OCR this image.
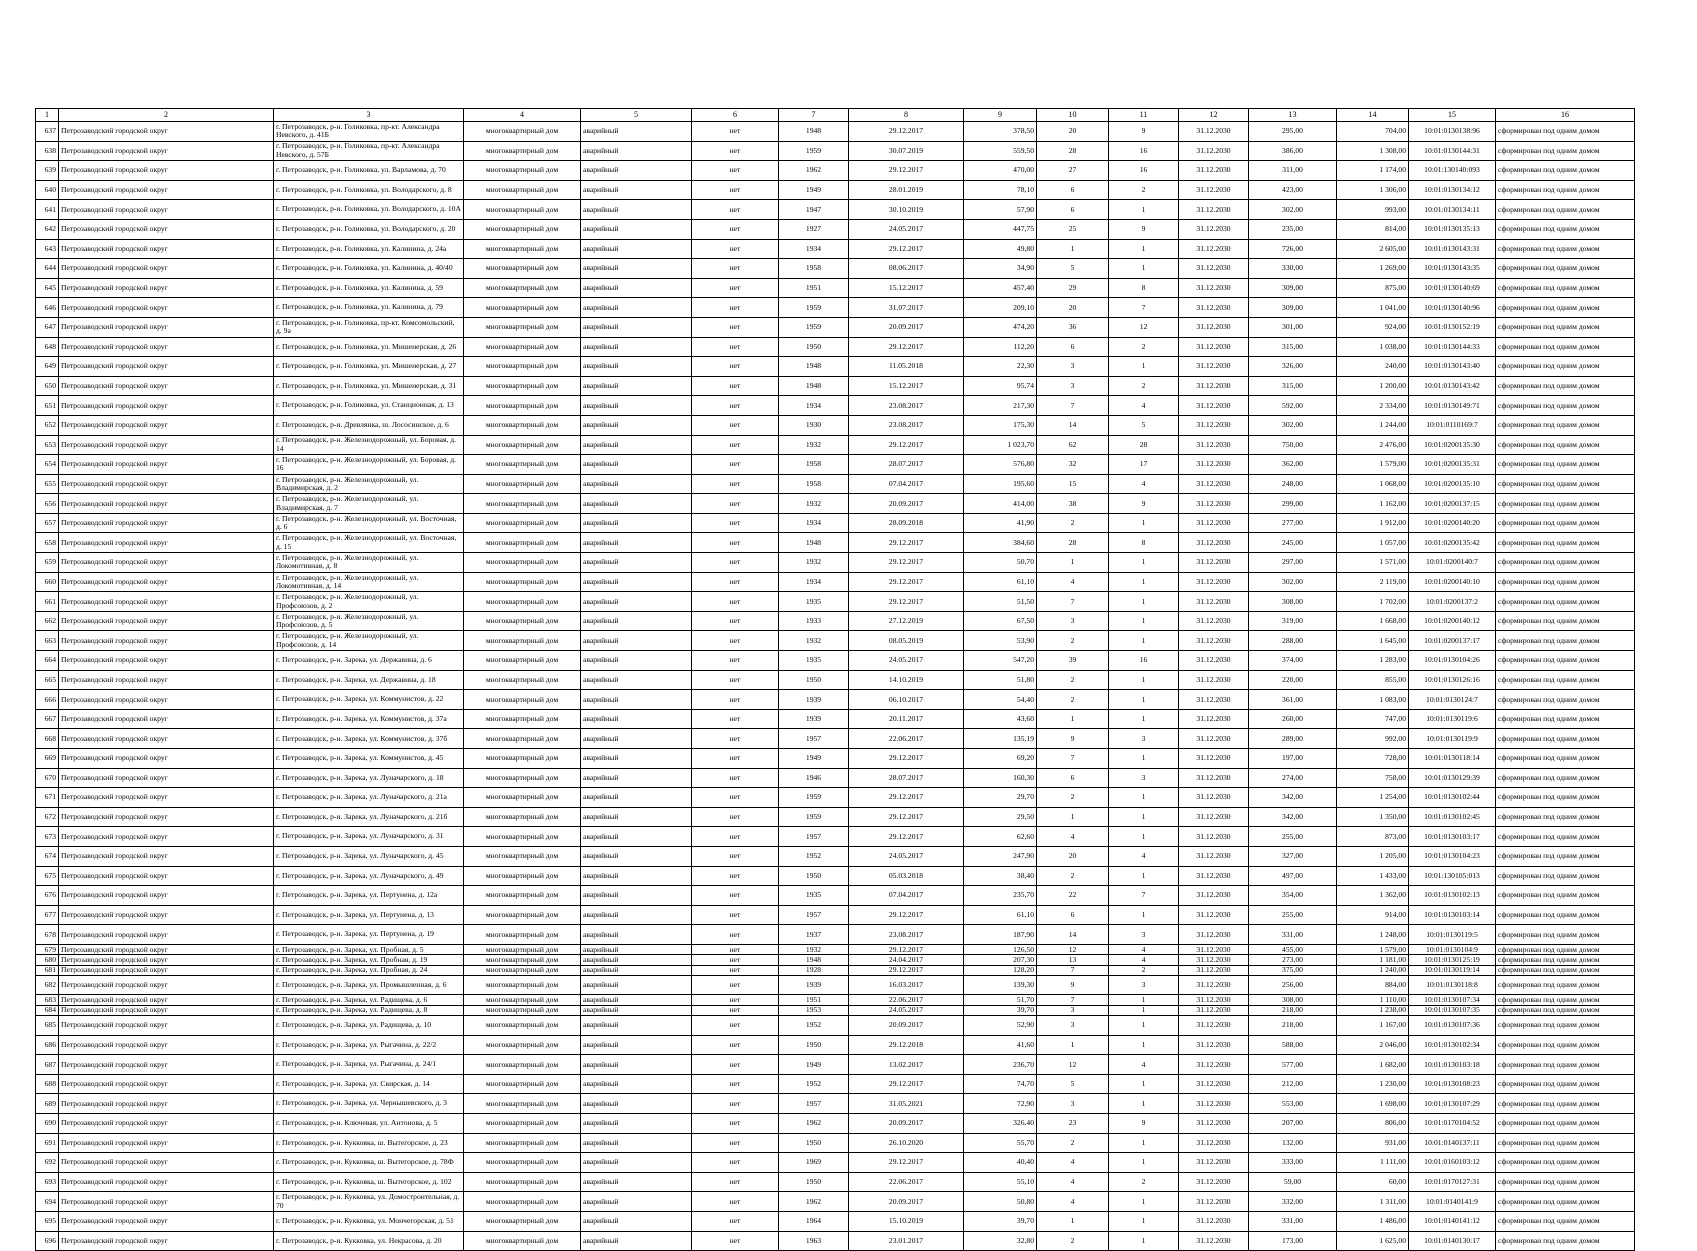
1	2	3	4	5	6	7	8	9	10	11	12	13	14	15	16
637	Петрозаводский городской округ	г. Петрозаводск, р-н. Голиковка, пр-кт. Александра Невского, д. 41Б	многоквартирный дом	аварийный	нет	1948	29.12.2017	378,50	20	9	31.12.2030	295,00	704,00	10:01:0130138:96	сформирован под одним домом
638	Петрозаводский городской округ	г. Петрозаводск, р-н. Голиковка, пр-кт. Александра Невского, д. 57Б	многоквартирный дом	аварийный	нет	1959	30.07.2019	559,50	28	16	31.12.2030	386,00	1 308,00	10:01:0130144:31	сформирован под одним домом
639	Петрозаводский городской округ	г. Петрозаводск, р-н. Голиковка, ул. Варламова, д. 70	многоквартирный дом	аварийный	нет	1962	29.12.2017	470,00	27	16	31.12.2030	311,00	1 174,00	10:01:130140:093	сформирован под одним домом
640	Петрозаводский городской округ	г. Петрозаводск, р-н. Голиковка, ул. Володарского, д. 8	многоквартирный дом	аварийный	нет	1949	28.01.2019	78,10	6	2	31.12.2030	423,00	1 306,00	10:01:0130134:12	сформирован под одним домом
641	Петрозаводский городской округ	г. Петрозаводск, р-н. Голиковка, ул. Володарского, д. 10А	многоквартирный дом	аварийный	нет	1947	30.10.2019	57,90	6	1	31.12.2030	302,00	993,00	10:01:0130134:11	сформирован под одним домом
642	Петрозаводский городской округ	г. Петрозаводск, р-н. Голиковка, ул. Володарского, д. 20	многоквартирный дом	аварийный	нет	1927	24.05.2017	447,75	25	9	31.12.2030	235,00	814,00	10:01:0130135:13	сформирован под одним домом
643	Петрозаводский городской округ	г. Петрозаводск, р-н. Голиковка, ул. Калинина, д. 24а	многоквартирный дом	аварийный	нет	1934	29.12.2017	49,80	1	1	31.12.2030	726,00	2 605,00	10:01:0130143:31	сформирован под одним домом
644	Петрозаводский городской округ	г. Петрозаводск, р-н. Голиковка, ул. Калинина, д. 40/40	многоквартирный дом	аварийный	нет	1958	08.06.2017	34,90	5	1	31.12.2030	330,00	1 269,00	10:01:0130143:35	сформирован под одним домом
645	Петрозаводский городской округ	г. Петрозаводск, р-н. Голиковка, ул. Калинина, д. 59	многоквартирный дом	аварийный	нет	1951	15.12.2017	457,40	29	8	31.12.2030	309,00	875,00	10:01:0130140:69	сформирован под одним домом
646	Петрозаводский городской округ	г. Петрозаводск, р-н. Голиковка, ул. Калинина, д. 79	многоквартирный дом	аварийный	нет	1959	31.07.2017	209,10	20	7	31.12.2030	309,00	1 041,00	10:01:0130140:96	сформирован под одним домом
647	Петрозаводский городской округ	г. Петрозаводск, р-н. Голиковка, пр-кт. Комсомольский, д. 9а	многоквартирный дом	аварийный	нет	1959	20.09.2017	474,20	36	12	31.12.2030	301,00	924,00	10:01:0130152:19	сформирован под одним домом
648	Петрозаводский городской округ	г. Петрозаводск, р-н. Голиковка, ул. Мишенерская, д. 26	многоквартирный дом	аварийный	нет	1950	29.12.2017	112,20	6	2	31.12.2030	315,00	1 038,00	10:01:0130144:33	сформирован под одним домом
649	Петрозаводский городской округ	г. Петрозаводск, р-н. Голиковка, ул. Мишенерская, д. 27	многоквартирный дом	аварийный	нет	1948	11.05.2018	22,30	3	1	31.12.2030	326,00	240,00	10:01:0130143:40	сформирован под одним домом
650	Петрозаводский городской округ	г. Петрозаводск, р-н. Голиковка, ул. Мишенерская, д. 31	многоквартирный дом	аварийный	нет	1948	15.12.2017	95,74	3	2	31.12.2030	315,00	1 200,00	10:01:0130143:42	сформирован под одним домом
651	Петрозаводский городской округ	г. Петрозаводск, р-н. Голиковка, ул. Станционная, д. 13	многоквартирный дом	аварийный	нет	1934	23.08.2017	217,30	7	4	31.12.2030	592,00	2 334,00	10:01:0130149:71	сформирован под одним домом
652	Петрозаводский городской округ	г. Петрозаводск, р-н. Древлянка, ш. Лососинское, д. 6	многоквартирный дом	аварийный	нет	1930	23.08.2017	175,30	14	5	31.12.2030	302,00	1 244,00	10:01:0110169:7	сформирован под одним домом
653	Петрозаводский городской округ	г. Петрозаводск, р-н. Железнодорожный, ул. Боровая, д. 14	многоквартирный дом	аварийный	нет	1932	29.12.2017	1 023,70	62	28	31.12.2030	750,00	2 476,00	10:01:0200135:30	сформирован под одним домом
654	Петрозаводский городской округ	г. Петрозаводск, р-н. Железнодорожный, ул. Боровая, д. 16	многоквартирный дом	аварийный	нет	1958	28.07.2017	576,80	32	17	31.12.2030	362,00	1 579,00	10:01:0200135:31	сформирован под одним домом
655	Петрозаводский городской округ	г. Петрозаводск, р-н. Железнодорожный, ул. Владимирская, д. 2	многоквартирный дом	аварийный	нет	1958	07.04.2017	195,60	15	4	31.12.2030	248,00	1 068,00	10:01:0200135:10	сформирован под одним домом
656	Петрозаводский городской округ	г. Петрозаводск, р-н. Железнодорожный, ул. Владимирская, д. 7	многоквартирный дом	аварийный	нет	1932	20.09.2017	414,00	38	9	31.12.2030	299,00	1 162,00	10:01:0200137:15	сформирован под одним домом
657	Петрозаводский городской округ	г. Петрозаводск, р-н. Железнодорожный, ул. Восточная, д. 6	многоквартирный дом	аварийный	нет	1934	28.09.2018	41,90	2	1	31.12.2030	277,00	1 912,00	10:01:0200140:20	сформирован под одним домом
658	Петрозаводский городской округ	г. Петрозаводск, р-н. Железнодорожный, ул. Восточная, д. 15	многоквартирный дом	аварийный	нет	1948	29.12.2017	384,60	28	8	31.12.2030	245,00	1 057,00	10:01:0200135:42	сформирован под одним домом
659	Петрозаводский городской округ	г. Петрозаводск, р-н. Железнодорожный, ул. Локомотивная, д. 8	многоквартирный дом	аварийный	нет	1932	29.12.2017	50,70	1	1	31.12.2030	297,00	1 571,00	10:01:0200140:7	сформирован под одним домом
660	Петрозаводский городской округ	г. Петрозаводск, р-н. Железнодорожный, ул. Локомотивная, д. 14	многоквартирный дом	аварийный	нет	1934	29.12.2017	61,10	4	1	31.12.2030	302,00	2 119,00	10:01:0200140:10	сформирован под одним домом
661	Петрозаводский городской округ	г. Петрозаводск, р-н. Железнодорожный, ул. Профсоюзов, д. 2	многоквартирный дом	аварийный	нет	1935	29.12.2017	51,50	7	1	31.12.2030	308,00	1 702,00	10:01:0200137:2	сформирован под одним домом
662	Петрозаводский городской округ	г. Петрозаводск, р-н. Железнодорожный, ул. Профсоюзов, д. 5	многоквартирный дом	аварийный	нет	1933	27.12.2019	67,50	3	1	31.12.2030	319,00	1 668,00	10:01:0200140:12	сформирован под одним домом
663	Петрозаводский городской округ	г. Петрозаводск, р-н. Железнодорожный, ул. Профсоюзов, д. 14	многоквартирный дом	аварийный	нет	1932	08.05.2019	53,90	2	1	31.12.2030	288,00	1 645,00	10:01:0200137:17	сформирован под одним домом
664	Петрозаводский городской округ	г. Петрозаводск, р-н. Зарека, ул. Державина, д. 6	многоквартирный дом	аварийный	нет	1935	24.05.2017	547,20	39	16	31.12.2030	374,00	1 283,00	10:01:0130104:26	сформирован под одним домом
665	Петрозаводский городской округ	г. Петрозаводск, р-н. Зарека, ул. Державина, д. 18	многоквартирный дом	аварийный	нет	1950	14.10.2019	51,80	2	1	31.12.2030	220,00	855,00	10:01:0130126:16	сформирован под одним домом
666	Петрозаводский городской округ	г. Петрозаводск, р-н. Зарека, ул. Коммунистов, д. 22	многоквартирный дом	аварийный	нет	1939	06.10.2017	54,40	2	1	31.12.2030	361,00	1 083,00	10:01:0130124:7	сформирован под одним домом
667	Петрозаводский городской округ	г. Петрозаводск, р-н. Зарека, ул. Коммунистов, д. 37а	многоквартирный дом	аварийный	нет	1939	20.11.2017	43,60	1	1	31.12.2030	260,00	747,00	10:01:0130119:6	сформирован под одним домом
668	Петрозаводский городской округ	г. Петрозаводск, р-н. Зарека, ул. Коммунистов, д. 37б	многоквартирный дом	аварийный	нет	1957	22.06.2017	135,19	9	3	31.12.2030	289,00	992,00	10:01:0130119:9	сформирован под одним домом
669	Петрозаводский городской округ	г. Петрозаводск, р-н. Зарека, ул. Коммунистов, д. 45	многоквартирный дом	аварийный	нет	1949	29.12.2017	69,20	7	1	31.12.2030	197,00	728,00	10:01:0130118:14	сформирован под одним домом
670	Петрозаводский городской округ	г. Петрозаводск, р-н. Зарека, ул. Луначарского, д. 18	многоквартирный дом	аварийный	нет	1946	28.07.2017	160,30	6	3	31.12.2030	274,00	758,00	10:01:0130129:39	сформирован под одним домом
671	Петрозаводский городской округ	г. Петрозаводск, р-н. Зарека, ул. Луначарского, д. 21а	многоквартирный дом	аварийный	нет	1959	29.12.2017	29,70	2	1	31.12.2030	342,00	1 254,00	10:01:0130102:44	сформирован под одним домом
672	Петрозаводский городской округ	г. Петрозаводск, р-н. Зарека, ул. Луначарского, д. 21б	многоквартирный дом	аварийный	нет	1959	29.12.2017	29,50	1	1	31.12.2030	342,00	1 350,00	10:01:0130102:45	сформирован под одним домом
673	Петрозаводский городской округ	г. Петрозаводск, р-н. Зарека, ул. Луначарского, д. 31	многоквартирный дом	аварийный	нет	1957	29.12.2017	62,60	4	1	31.12.2030	255,00	873,00	10:01:0130103:17	сформирован под одним домом
674	Петрозаводский городской округ	г. Петрозаводск, р-н. Зарека, ул. Луначарского, д. 45	многоквартирный дом	аварийный	нет	1952	24.05.2017	247,90	20	4	31.12.2030	327,00	1 205,00	10:01:0130104:23	сформирован под одним домом
675	Петрозаводский городской округ	г. Петрозаводск, р-н. Зарека, ул. Луначарского, д. 49	многоквартирный дом	аварийный	нет	1950	05.03.2018	38,40	2	1	31.12.2030	497,00	1 433,00	10:01:130105:013	сформирован под одним домом
676	Петрозаводский городской округ	г. Петрозаводск, р-н. Зарека, ул. Пертунена, д. 12а	многоквартирный дом	аварийный	нет	1935	07.04.2017	235,70	22	7	31.12.2030	354,00	1 362,00	10:01:0130102:13	сформирован под одним домом
677	Петрозаводский городской округ	г. Петрозаводск, р-н. Зарека, ул. Пертунена, д. 13	многоквартирный дом	аварийный	нет	1957	29.12.2017	61,10	6	1	31.12.2030	255,00	914,00	10:01:0130103:14	сформирован под одним домом
678	Петрозаводский городской округ	г. Петрозаводск, р-н. Зарека, ул. Пертунена, д. 19	многоквартирный дом	аварийный	нет	1937	23.08.2017	187,90	14	3	31.12.2030	331,00	1 248,00	10:01:0130119:5	сформирован под одним домом
679	Петрозаводский городской округ	г. Петрозаводск, р-н. Зарека, ул. Пробная, д. 5	многоквартирный дом	аварийный	нет	1932	29.12.2017	126,50	12	4	31.12.2030	455,00	1 579,00	10:01:0130104:9	сформирован под одним домом
680	Петрозаводский городской округ	г. Петрозаводск, р-н. Зарека, ул. Пробная, д. 19	многоквартирный дом	аварийный	нет	1948	24.04.2017	207,30	13	4	31.12.2030	273,00	1 181,00	10:01:0130125:19	сформирован под одним домом
681	Петрозаводский городской округ	г. Петрозаводск, р-н. Зарека, ул. Пробная, д. 24	многоквартирный дом	аварийный	нет	1928	29.12.2017	128,20	7	2	31.12.2030	375,00	1 240,00	10:01:0130119:14	сформирован под одним домом
682	Петрозаводский городской округ	г. Петрозаводск, р-н. Зарека, ул. Промышленная, д. 6	многоквартирный дом	аварийный	нет	1939	16.03.2017	139,30	9	3	31.12.2030	256,00	884,00	10:01:0130118:8	сформирован под одним домом
683	Петрозаводский городской округ	г. Петрозаводск, р-н. Зарека, ул. Радищева, д. 6	многоквартирный дом	аварийный	нет	1951	22.06.2017	51,70	7	1	31.12.2030	308,00	1 110,00	10:01:0130107:34	сформирован под одним домом
684	Петрозаводский городской округ	г. Петрозаводск, р-н. Зарека, ул. Радищева, д. 8	многоквартирный дом	аварийный	нет	1953	24.05.2017	39,70	3	1	31.12.2030	218,00	1 238,00	10:01:0130107:35	сформирован под одним домом
685	Петрозаводский городской округ	г. Петрозаводск, р-н. Зарека, ул. Радищева, д. 10	многоквартирный дом	аварийный	нет	1952	20.09.2017	52,90	3	1	31.12.2030	218,00	1 167,00	10:01:0130107:36	сформирован под одним домом
686	Петрозаводский городской округ	г. Петрозаводск, р-н. Зарека, ул. Рыгачина, д. 22/2	многоквартирный дом	аварийный	нет	1950	29.12.2018	41,60	1	1	31.12.2030	588,00	2 046,00	10:01:0130102:34	сформирован под одним домом
687	Петрозаводский городской округ	г. Петрозаводск, р-н. Зарека, ул. Рыгачина, д. 24/1	многоквартирный дом	аварийный	нет	1949	13.02.2017	236,70	12	4	31.12.2030	577,00	1 682,00	10:01:0130103:18	сформирован под одним домом
688	Петрозаводский городской округ	г. Петрозаводск, р-н. Зарека, ул. Свирская, д. 14	многоквартирный дом	аварийный	нет	1952	29.12.2017	74,70	5	1	31.12.2030	212,00	1 230,00	10:01:0130108:23	сформирован под одним домом
689	Петрозаводский городской округ	г. Петрозаводск, р-н. Зарека, ул. Чернышевского, д. 3	многоквартирный дом	аварийный	нет	1957	31.05.2021	72,90	3	1	31.12.2030	553,00	1 698,00	10:01:0130107:29	сформирован под одним домом
690	Петрозаводский городской округ	г. Петрозаводск, р-н. Ключевая, ул. Антонова, д. 5	многоквартирный дом	аварийный	нет	1962	20.09.2017	326,40	23	9	31.12.2030	207,00	806,00	10:01:0170104:52	сформирован под одним домом
691	Петрозаводский городской округ	г. Петрозаводск, р-н. Кукковка, ш. Вытегорское, д. 23	многоквартирный дом	аварийный	нет	1950	26.10.2020	55,70	2	1	31.12.2030	132,00	931,00	10:01:0140137:11	сформирован под одним домом
692	Петрозаводский городской округ	г. Петрозаводск, р-н. Кукковка, ш. Вытегорское, д. 78Ф	многоквартирный дом	аварийный	нет	1969	29.12.2017	40,40	4	1	31.12.2030	333,00	1 111,00	10:01:0160103:12	сформирован под одним домом
693	Петрозаводский городской округ	г. Петрозаводск, р-н. Кукковка, ш. Вытегорское, д. 102	многоквартирный дом	аварийный	нет	1950	22.06.2017	55,10	4	2	31.12.2030	59,00	60,00	10:01:0170127:31	сформирован под одним домом
694	Петрозаводский городской округ	г. Петрозаводск, р-н. Кукковка, ул. Домостроительная, д. 70	многоквартирный дом	аварийный	нет	1962	20.09.2017	50,80	4	1	31.12.2030	332,00	1 311,00	10:01:0140141:9	сформирован под одним домом
695	Петрозаводский городской округ	г. Петрозаводск, р-н. Кукковка, ул. Мончегорская, д. 51	многоквартирный дом	аварийный	нет	1964	15.10.2019	39,70	1	1	31.12.2030	331,00	1 486,00	10:01:0140141:12	сформирован под одним домом
696	Петрозаводский городской округ	г. Петрозаводск, р-н. Кукковка, ул. Некрасова, д. 20	многоквартирный дом	аварийный	нет	1963	23.01.2017	32,80	2	1	31.12.2030	173,00	1 625,00	10:01:0140130:17	сформирован под одним домом
